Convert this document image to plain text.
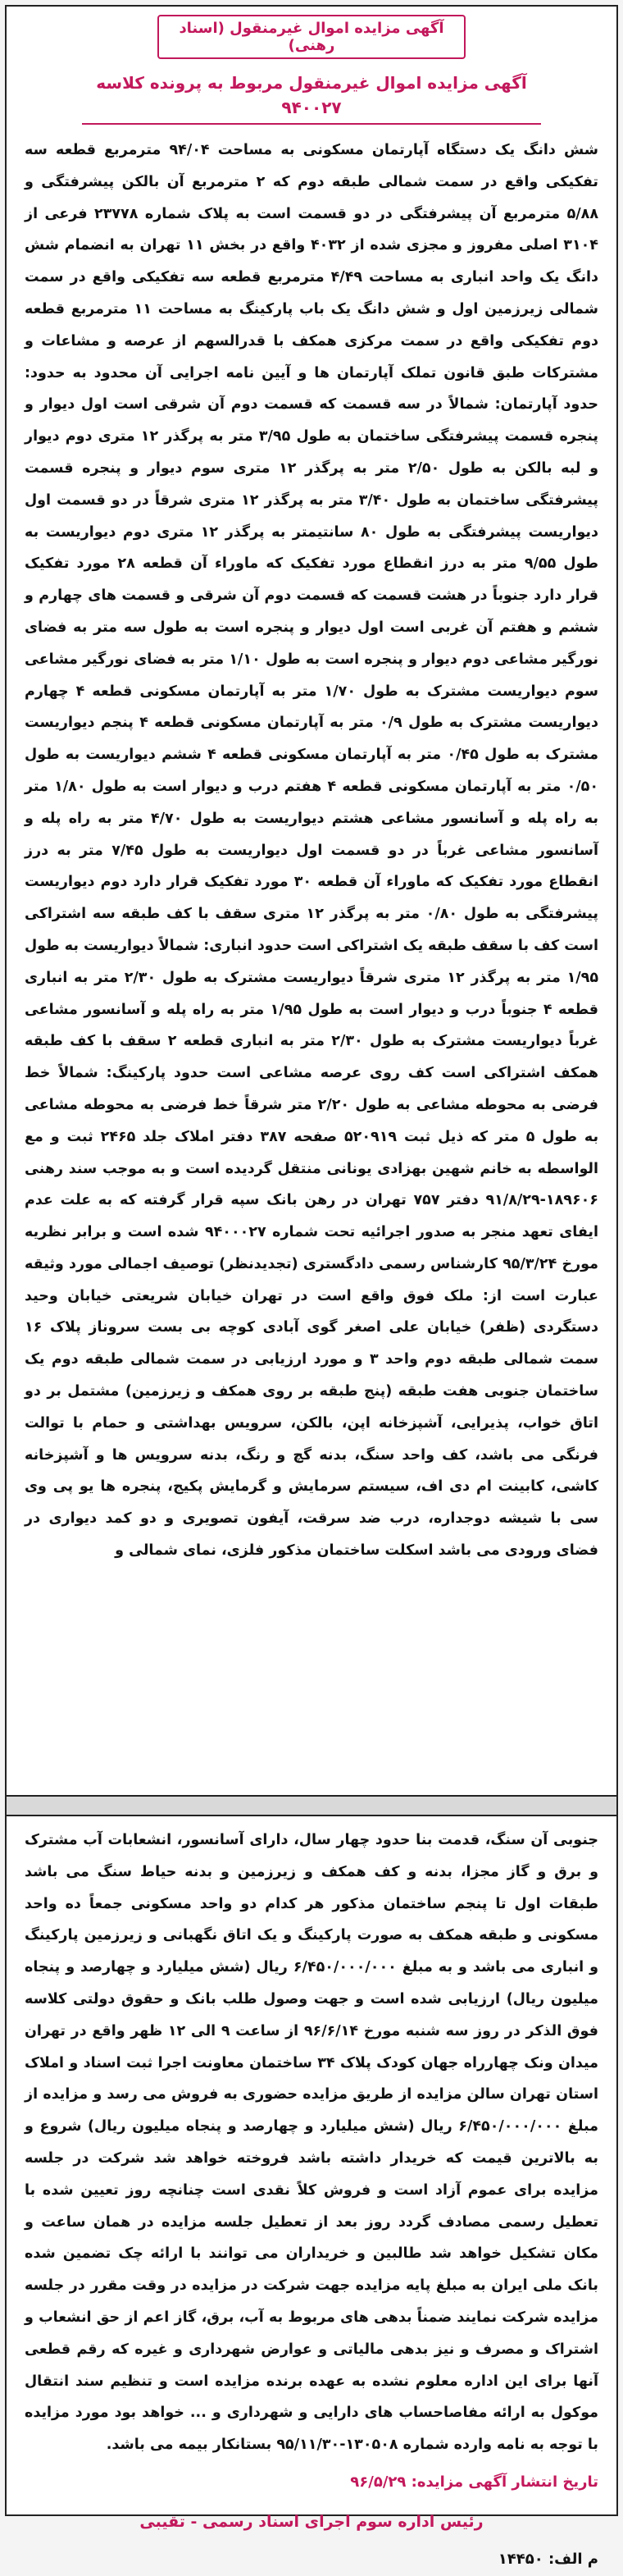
آگهی مزایده اموال غیرمنقول (اسناد رهنی)
آگهی مزایده اموال غیرمنقول مربوط به پرونده کلاسه ۹۴۰۰۲۷
شش دانگ یک دستگاه آپارتمان مسکونی به مساحت ۹۴/۰۴ مترمربع قطعه سه تفکیکی واقع در سمت شمالی طبقه دوم که ۲ مترمربع آن بالکن پیشرفتگی و ۵/۸۸ مترمربع آن پیشرفتگی در دو قسمت است به پلاک شماره ۲۳۷۷۸ فرعی از ۳۱۰۴ اصلی مفروز و مجزی شده از ۴۰۳۲ واقع در بخش ۱۱ تهران به انضمام شش دانگ یک واحد انباری به مساحت ۴/۴۹ مترمربع قطعه سه تفکیکی واقع در سمت شمالی زیرزمین اول و شش دانگ یک باب پارکینگ به مساحت ۱۱ مترمربع قطعه دوم تفکیکی واقع در سمت مرکزی همکف با قدرالسهم از عرصه و مشاعات و مشترکات طبق قانون تملک آپارتمان ها و آیین نامه اجرایی آن محدود به حدود: حدود آپارتمان: شمالاً در سه قسمت که قسمت دوم آن شرقی است اول دیوار و پنجره قسمت پیشرفتگی ساختمان به طول ۳/۹۵ متر به پرگذر ۱۲ متری دوم دیوار و لبه بالکن به طول ۲/۵۰ متر به پرگذر ۱۲ متری سوم دیوار و پنجره قسمت پیشرفتگی ساختمان به طول ۳/۴۰ متر به پرگذر ۱۲ متری شرقاً در دو قسمت اول دیواریست پیشرفتگی به طول ۸۰ سانتیمتر به پرگذر ۱۲ متری دوم دیواریست به طول ۹/۵۵ متر به درز انقطاع مورد تفکیک که ماوراء آن قطعه ۲۸ مورد تفکیک قرار دارد جنوباً در هشت قسمت که قسمت دوم آن شرقی و قسمت های چهارم و ششم و هفتم آن غربی است اول دیوار و پنجره است به طول سه متر به فضای نورگیر مشاعی دوم دیوار و پنجره است به طول ۱/۱۰ متر به فضای نورگیر مشاعی سوم دیواریست مشترک به طول ۱/۷۰ متر به آپارتمان مسکونی قطعه ۴ چهارم دیواریست مشترک به طول ۰/۹ متر به آپارتمان مسکونی قطعه ۴ پنجم دیواریست مشترک به طول ۰/۴۵ متر به آپارتمان مسکونی قطعه ۴ ششم دیواریست به طول ۰/۵۰ متر به آپارتمان مسکونی قطعه ۴ هفتم درب و دیوار است به طول ۱/۸۰ متر به راه پله و آسانسور مشاعی هشتم دیواریست به طول ۴/۷۰ متر به راه پله و آسانسور مشاعی غرباً در دو قسمت اول دیواریست به طول ۷/۴۵ متر به درز انقطاع مورد تفکیک که ماوراء آن قطعه ۳۰ مورد تفکیک قرار دارد دوم دیواریست پیشرفتگی به طول ۰/۸۰ متر به پرگذر ۱۲ متری سقف با کف طبقه سه اشتراکی است کف با سقف طبقه یک اشتراکی است حدود انباری: شمالاً دیواریست به طول ۱/۹۵ متر به پرگذر ۱۲ متری شرقاً دیواریست مشترک به طول ۲/۳۰ متر به انباری قطعه ۴ جنوباً درب و دیوار است به طول ۱/۹۵ متر به راه پله و آسانسور مشاعی غرباً دیواریست مشترک به طول ۲/۳۰ متر به انباری قطعه ۲ سقف با کف طبقه همکف اشتراکی است کف روی عرصه مشاعی است حدود پارکینگ: شمالاً خط فرضی به محوطه مشاعی به طول ۲/۲۰ متر شرقاً خط فرضی به محوطه مشاعی به طول ۵ متر که ذیل ثبت ۵۲۰۹۱۹ صفحه ۳۸۷ دفتر املاک جلد ۲۴۶۵ ثبت و مع الواسطه به خانم شهین بهزادی یونانی منتقل گردیده است و به موجب سند رهنی ۱۸۹۶۰۶-۹۱/۸/۲۹ دفتر ۷۵۷ تهران در رهن بانک سپه قرار گرفته که به علت عدم ایفای تعهد منجر به صدور اجرائیه تحت شماره ۹۴۰۰۰۲۷ شده است و برابر نظریه مورخ ۹۵/۳/۲۴ کارشناس رسمی دادگستری (تجدیدنظر) توصیف اجمالی مورد وثیقه عبارت است از: ملک فوق واقع است در تهران خیابان شریعتی خیابان وحید دستگردی (ظفر) خیابان علی اصغر گوی آبادی کوچه بی بست سروناز پلاک ۱۶ سمت شمالی طبقه دوم واحد ۳ و مورد ارزیابی در سمت شمالی طبقه دوم یک ساختمان جنوبی هفت طبقه (پنج طبقه بر روی همکف و زیرزمین) مشتمل بر دو اتاق خواب، پذیرایی، آشپزخانه اپن، بالکن، سرویس بهداشتی و حمام با توالت فرنگی می باشد، کف واحد سنگ، بدنه گچ و رنگ، بدنه سرویس ها و آشپزخانه کاشی، کابینت ام دی اف، سیستم سرمایش و گرمایش پکیج، پنجره ها یو پی وی سی با شیشه دوجداره، درب ضد سرقت، آیفون تصویری و دو کمد دیواری در فضای ورودی می باشد اسکلت ساختمان مذکور فلزی، نمای شمالی و
جنوبی آن سنگ، قدمت بنا حدود چهار سال، دارای آسانسور، انشعابات آب مشترک و برق و گاز مجزا، بدنه و کف همکف و زیرزمین و بدنه حیاط سنگ می باشد طبقات اول تا پنجم ساختمان مذکور هر کدام دو واحد مسکونی جمعاً ده واحد مسکونی و طبقه همکف به صورت پارکینگ و یک اتاق نگهبانی و زیرزمین پارکینگ و انباری می باشد و به مبلغ ۶/۴۵۰/۰۰۰/۰۰۰ ریال (شش میلیارد و چهارصد و پنجاه میلیون ریال) ارزیابی شده است و جهت وصول طلب بانک و حقوق دولتی کلاسه فوق الذکر در روز سه شنبه مورخ ۹۶/۶/۱۴ از ساعت ۹ الی ۱۲ ظهر واقع در تهران میدان ونک چهارراه جهان کودک پلاک ۳۴ ساختمان معاونت اجرا ثبت اسناد و املاک استان تهران سالن مزایده از طریق مزایده حضوری به فروش می رسد و مزایده از مبلغ ۶/۴۵۰/۰۰۰/۰۰۰ ریال (شش میلیارد و چهارصد و پنجاه میلیون ریال) شروع و به بالاترین قیمت که خریدار داشته باشد فروخته خواهد شد شرکت در جلسه مزایده برای عموم آزاد است و فروش کلاً نقدی است چنانچه روز تعیین شده با تعطیل رسمی مصادف گردد روز بعد از تعطیل جلسه مزایده در همان ساعت و مکان تشکیل خواهد شد طالبین و خریداران می توانند با ارائه چک تضمین شده بانک ملی ایران به مبلغ پایه مزایده جهت شرکت در مزایده در وقت مقرر در جلسه مزایده شرکت نمایند ضمناً بدهی های مربوط به آب، برق، گاز اعم از حق انشعاب و اشتراک و مصرف و نیز بدهی مالیاتی و عوارض شهرداری و غیره که رقم قطعی آنها برای این اداره معلوم نشده به عهده برنده مزایده است و تنظیم سند انتقال موکول به ارائه مفاصاحساب های دارایی و شهرداری و ... خواهد بود مورد مزایده با توجه به نامه وارده شماره ۱۳۰۵۰۸-۹۵/۱۱/۳۰ بستانکار بیمه می باشد.
تاریخ انتشار آگهی مزایده: ۹۶/۵/۲۹
رئیس اداره سوم اجرای اسناد رسمی - تقیبی
م الف: ۱۴۴۵۰
